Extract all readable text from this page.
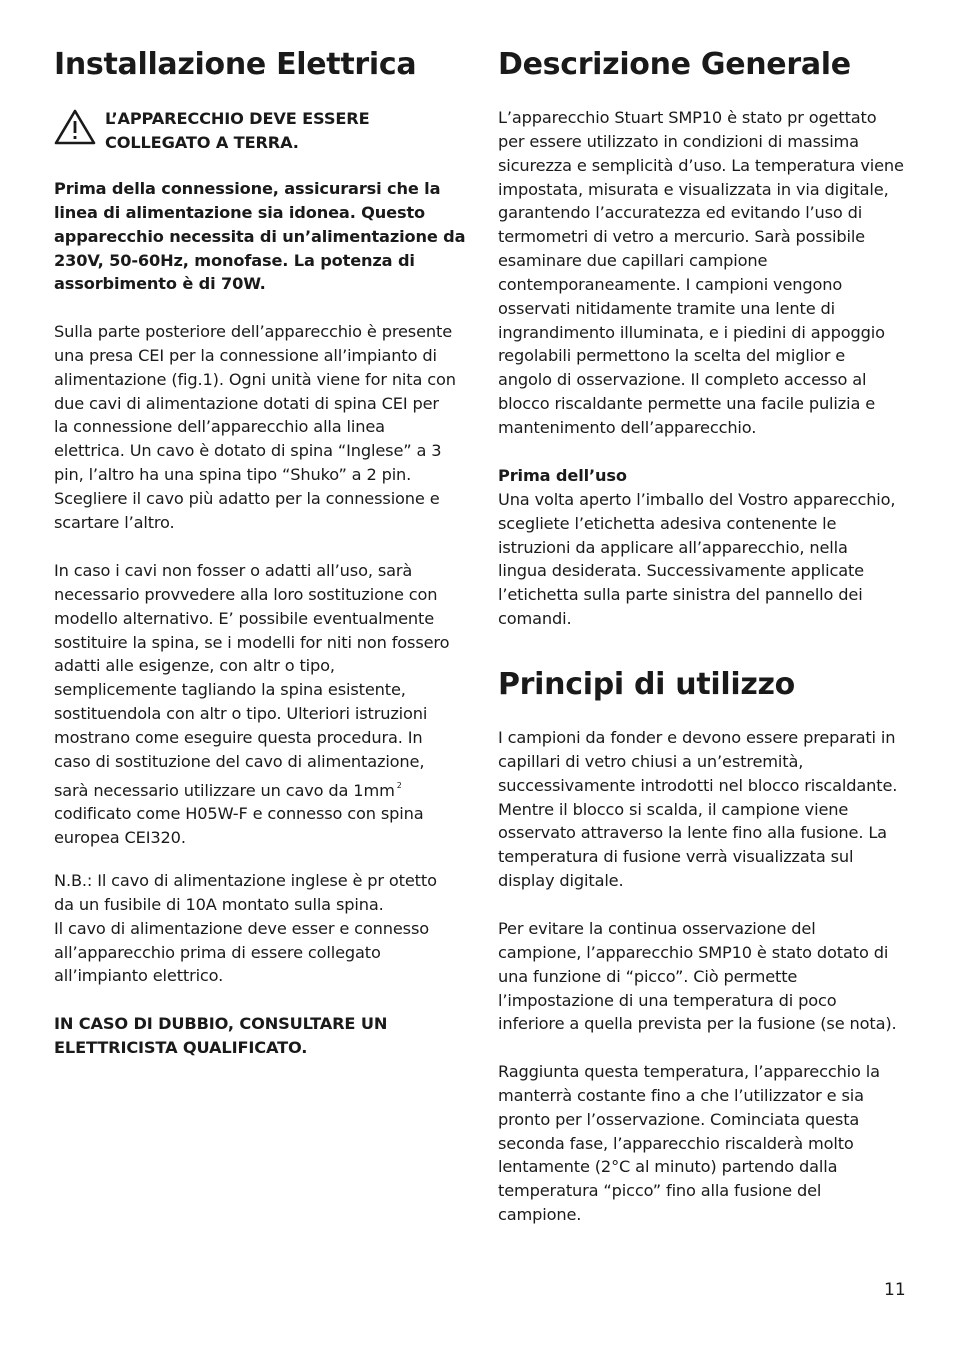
Installazione Elettrica
L’APPARECCHIO DEVE ESSERE
COLLEGATO A TERRA.
Prima della connessione, assicurarsi che la
linea di alimentazione sia idonea. Questo
apparecchio necessita di un’alimentazione da
230V, 50-60Hz, monofase. La potenza di
assorbimento è di 70W.
Sulla parte posteriore dell’apparecchio è presente
una presa CEI per la connessione all’impianto di
alimentazione (fig.1). Ogni unità viene for nita con
due cavi di alimentazione dotati di spina CEI per
la connessione dell’apparecchio alla linea
elettrica. Un cavo è dotato di spina “Inglese” a 3
pin, l’altro ha una spina tipo “Shuko” a 2 pin.
Scegliere il cavo più adatto per la connessione e
scartare l’altro.
In caso i cavi non fosser o adatti all’uso, sarà
necessario provvedere alla loro sostituzione con
modello alternativo. E’ possibile eventualmente
sostituire la spina, se i modelli for niti non fossero
adatti alle esigenze, con altr o tipo,
semplicemente tagliando la spina esistente,
sostituendola con altr o tipo. Ulteriori istruzioni
mostrano come eseguire questa procedura. In
caso di sostituzione del cavo di alimentazione,
sarà necessario utilizzare un cavo da 1mm $^2$
codificato come H05W-F e connesso con spina
europea CEI320.
N.B.: Il cavo di alimentazione inglese è pr otetto
da un fusibile di 10A montato sulla spina.
Il cavo di alimentazione deve esser e connesso
all’apparecchio prima di essere collegato
all’impianto elettrico.
IN CASO DI DUBBIO, CONSULTARE UN
ELETTRICISTA QUALIFICATO.
Descrizione Generale
L’apparecchio Stuart SMP10 è stato pr ogettato
per essere utilizzato in condizioni di massima
sicurezza e semplicità d’uso. La temperatura viene
impostata, misurata e visualizzata in via digitale,
garantendo l’accuratezza ed evitando l’uso di
termometri di vetro a mercurio. Sarà possibile
esaminare due capillari campione
contemporaneamente. I campioni vengono
osservati nitidamente tramite una lente di
ingrandimento illuminata, e i piedini di appoggio
regolabili permettono la scelta del miglior e
angolo di osservazione. Il completo accesso al
blocco riscaldante permette una facile pulizia e
mantenimento dell’apparecchio.
Prima dell’uso
Una volta aperto l’imballo del Vostro apparecchio,
scegliete l’etichetta adesiva contenente le
istruzioni da applicare all’apparecchio, nella
lingua desiderata. Successivamente applicate
l’etichetta sulla parte sinistra del pannello dei
comandi.
Principi di utilizzo
I campioni da fonder e devono essere preparati in
capillari di vetro chiusi a un’estremità,
successivamente introdotti nel blocco riscaldante.
Mentre il blocco si scalda, il campione viene
osservato attraverso la lente fino alla fusione. La
temperatura di fusione verrà visualizzata sul
display digitale.
Per evitare la continua osservazione del
campione, l’apparecchio SMP10 è stato dotato di
una funzione di “picco”. Ciò permette
l’impostazione di una temperatura di poco
inferiore a quella prevista per la fusione (se nota).
Raggiunta questa temperatura, l’apparecchio la
manterrà costante fino a che l’utilizzator e sia
pronto per l’osservazione. Cominciata questa
seconda fase, l’apparecchio riscalderà molto
lentamente (2°C al minuto) partendo dalla
temperatura “picco” fino alla fusione del
campione.
11
